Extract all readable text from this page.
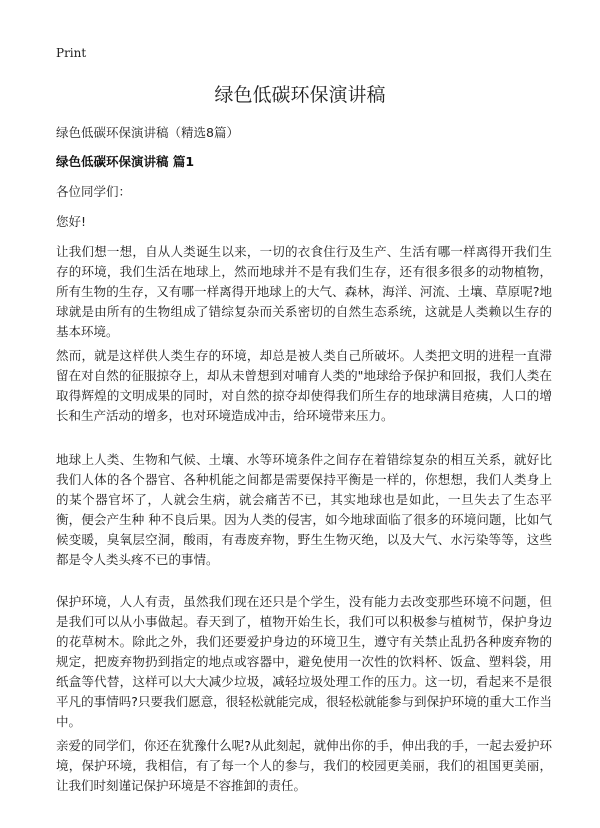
Print
绿色低碳环保演讲稿
绿色低碳环保演讲稿（精选8篇）
绿色低碳环保演讲稿 篇1
各位同学们：
您好!

让我们想一想，自从人类诞生以来，一切的衣食住行及生产、生活有哪一样离得开我们生存的环境，我们生活在地球上，然而地球并不是有我们生存，还有很多很多的动物植物，所有生物的生存，又有哪一样离得开地球上的大气、森林，海洋、河流、土壤、草原呢?地球就是由所有的生物组成了错综复杂而关系密切的自然生态系统，这就是人类赖以生存的基本环境。

然而，就是这样供人类生存的环境，却总是被人类自己所破坏。人类把文明的进程一直滞留在对自然的征服掠夺上，却从未曾想到对哺育人类的"地球给予保护和回报，我们人类在取得辉煌的文明成果的同时，对自然的掠夺却使得我们所生存的地球满目疮痍，人口的增长和生产活动的增多，也对环境造成冲击，给环境带来压力。

地球上人类、生物和气候、土壤、水等环境条件之间存在着错综复杂的相互关系，就好比我们人体的各个器官、各种机能之间都是需要保持平衡是一样的，你想想，我们人类身上的某个器官坏了，人就会生病，就会痛苦不已，其实地球也是如此，一旦失去了生态平衡，便会产生种 种不良后果。因为人类的侵害，如今地球面临了很多的环境问题，比如气候变暖，臭氧层空洞，酸雨，有毒废弃物，野生生物灭绝，以及大气、水污染等等，这些都是令人类头疼不已的事情。

保护环境，人人有责，虽然我们现在还只是个学生，没有能力去改变那些环境不问题，但是我们可以从小事做起。春天到了，植物开始生长，我们可以积极参与植树节，保护身边的花草树木。除此之外，我们还要爱护身边的环境卫生，遵守有关禁止乱扔各种废弃物的规定，把废弃物扔到指定的地点或容器中，避免使用一次性的饮料杯、饭盒、塑料袋，用纸盒等代替，这样可以大大减少垃圾，减轻垃圾处理工作的压力。这一切，看起来不是很平凡的事情吗?只要我们愿意，很轻松就能完成，很轻松就能参与到保护环境的重大工作当中。

亲爱的同学们，你还在犹豫什么呢?从此刻起，就伸出你的手，伸出我的手，一起去爱护环境，保护环境，我相信，有了每一个人的参与，我们的校园更美丽，我们的祖国更美丽，让我们时刻谨记保护环境是不容推卸的责任。
